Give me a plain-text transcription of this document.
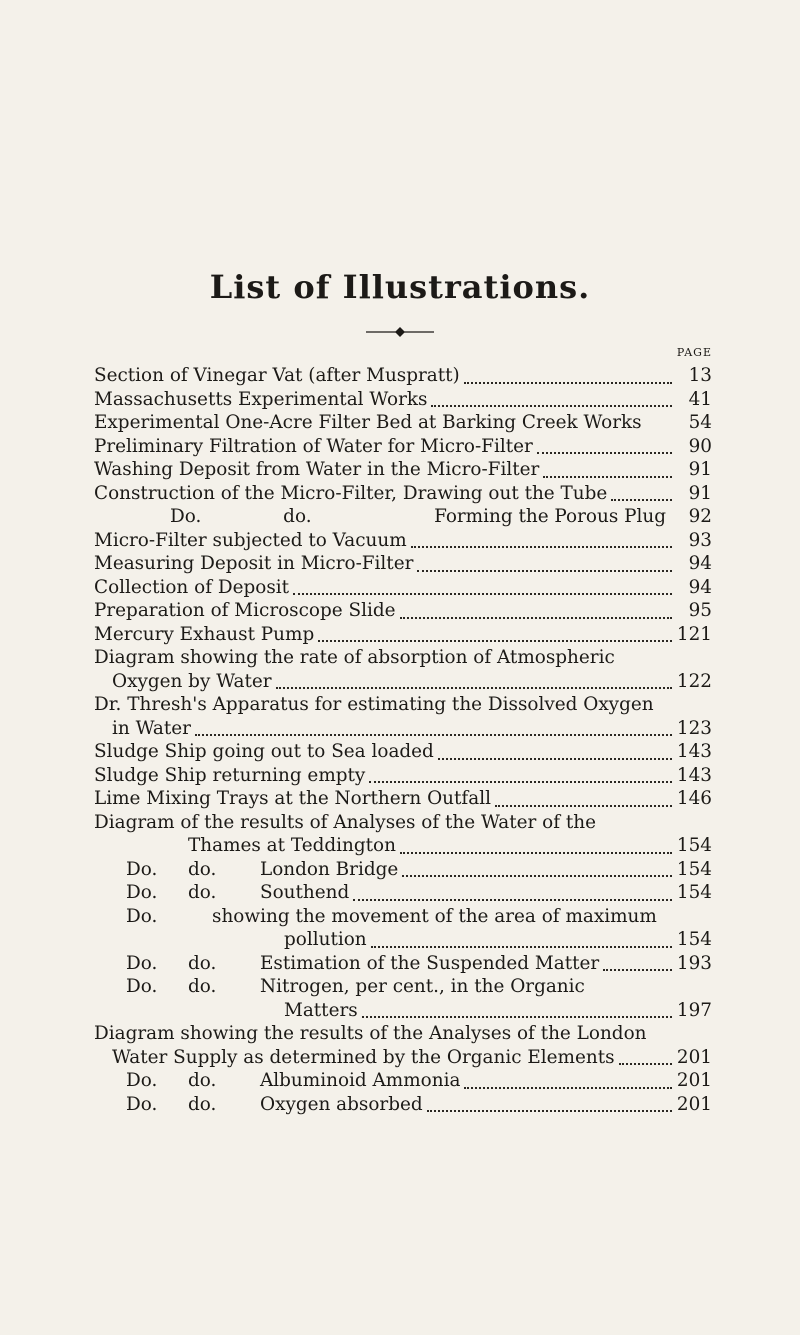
List of Illustrations.
PAGE
Section of Vinegar Vat (after Muspratt)	13
Massachusetts Experimental Works	41
Experimental One-Acre Filter Bed at Barking Creek Works	54
Preliminary Filtration of Water for Micro-Filter	90
Washing Deposit from Water in the Micro-Filter	91
Construction of the Micro-Filter, Drawing out the Tube	91
Do.	do.	Forming the Porous Plug	92
Micro-Filter subjected to Vacuum	93
Measuring Deposit in Micro-Filter	94
Collection of Deposit	94
Preparation of Microscope Slide	95
Mercury Exhaust Pump	121
Diagram showing the rate of absorption of Atmospheric
Oxygen by Water	122
Dr. Thresh's Apparatus for estimating the Dissolved Oxygen
in Water	123
Sludge Ship going out to Sea loaded	143
Sludge Ship returning empty	143
Lime Mixing Trays at the Northern Outfall	146
Diagram of the results of Analyses of the Water of the
Thames at Teddington	154
Do.	do.	London Bridge	154
Do.	do.	Southend	154
Do.	showing the movement of the area of maximum
pollution	154
Do.	do.	Estimation of the Suspended Matter	193
Do.	do.	Nitrogen, per cent., in the Organic
Matters	197
Diagram showing the results of the Analyses of the London
Water Supply as determined by the Organic Elements	201
Do.	do.	Albuminoid Ammonia	201
Do.	do.	Oxygen absorbed	201
